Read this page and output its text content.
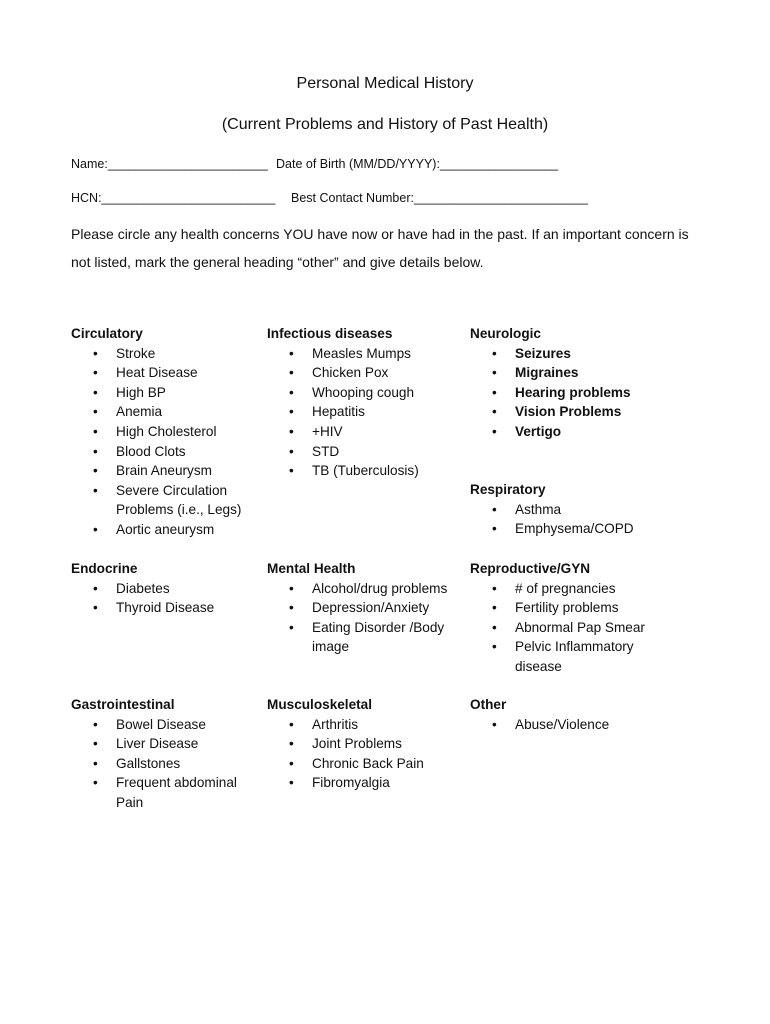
Personal Medical History
(Current Problems and History of Past Health)
Name:_______________________ Date of Birth (MM/DD/YYYY):_________________
HCN:_________________________ Best Contact Number:_________________________
Please circle any health concerns YOU have now or have had in the past. If an important concern is not listed, mark the general heading “other” and give details below.
Circulatory
• Stroke
• Heat Disease
• High BP
• Anemia
• High Cholesterol
• Blood Clots
• Brain Aneurysm
• Severe Circulation Problems (i.e., Legs)
• Aortic aneurysm
Infectious diseases
• Measles Mumps
• Chicken Pox
• Whooping cough
• Hepatitis
• +HIV
• STD
• TB (Tuberculosis)
Neurologic
• Seizures
• Migraines
• Hearing problems
• Vision Problems
• Vertigo
Respiratory
• Asthma
• Emphysema/COPD
Endocrine
• Diabetes
• Thyroid Disease
Mental Health
• Alcohol/drug problems
• Depression/Anxiety
• Eating Disorder /Body image
Reproductive/GYN
• # of pregnancies
• Fertility problems
• Abnormal Pap Smear
• Pelvic Inflammatory disease
Gastrointestinal
• Bowel Disease
• Liver Disease
• Gallstones
• Frequent abdominal Pain
Musculoskeletal
• Arthritis
• Joint Problems
• Chronic Back Pain
• Fibromyalgia
Other
• Abuse/Violence
